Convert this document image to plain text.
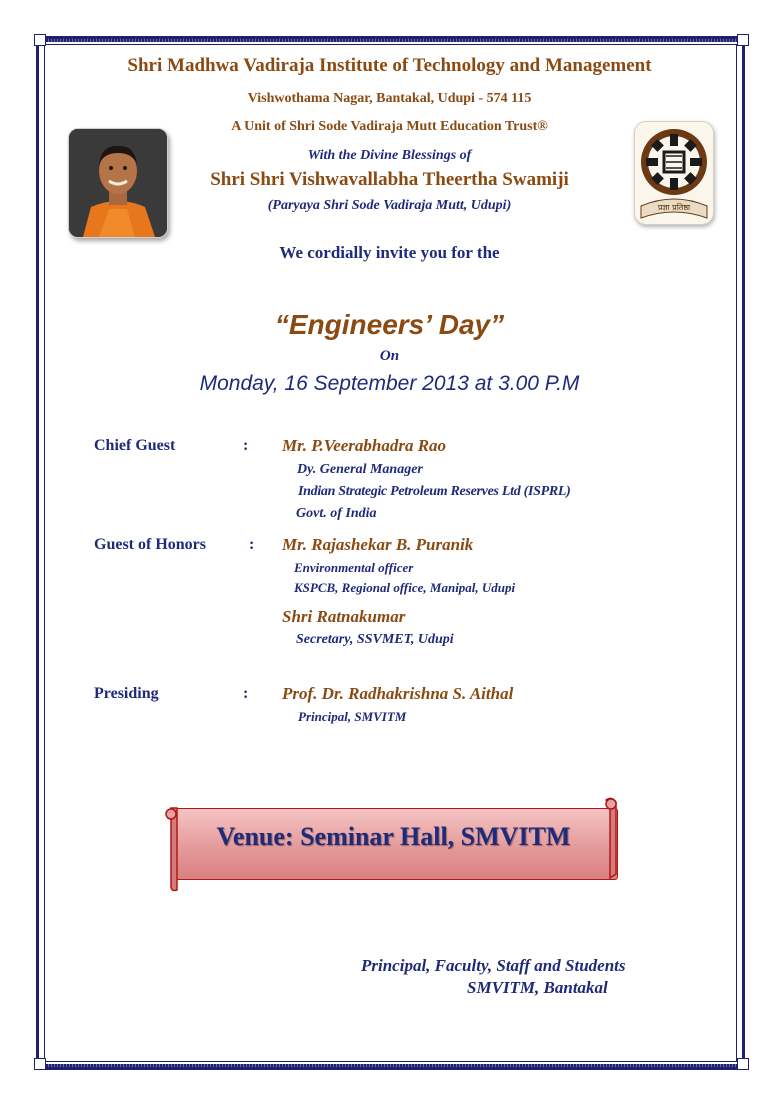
Shri Madhwa Vadiraja Institute of Technology and Management
Vishwothama Nagar, Bantakal, Udupi - 574 115
A Unit of Shri Sode Vadiraja Mutt Education Trust®
With the Divine Blessings of
Shri Shri Vishwavallabha Theertha Swamiji
(Paryaya Shri Sode Vadiraja Mutt, Udupi)	प्रज्ञा प्रतिष्ठा
We cordially invite you for the
“Engineers’ Day”
On
Monday, 16 September 2013 at 3.00 P.M
Chief Guest	: Mr. P.Veerabhadra Rao
Dy. General Manager
Indian Strategic Petroleum Reserves Ltd (ISPRL)
Govt. of India
Guest of Honors	: Mr. Rajashekar B. Puranik
Environmental officer
KSPCB, Regional office, Manipal, Udupi
Shri Ratnakumar
Secretary, SSVMET, Udupi
Presiding	: Prof. Dr. Radhakrishna S. Aithal
Principal, SMVITM
Venue: Seminar Hall, SMVITM
Principal, Faculty, Staff and Students
SMVITM, Bantakal
